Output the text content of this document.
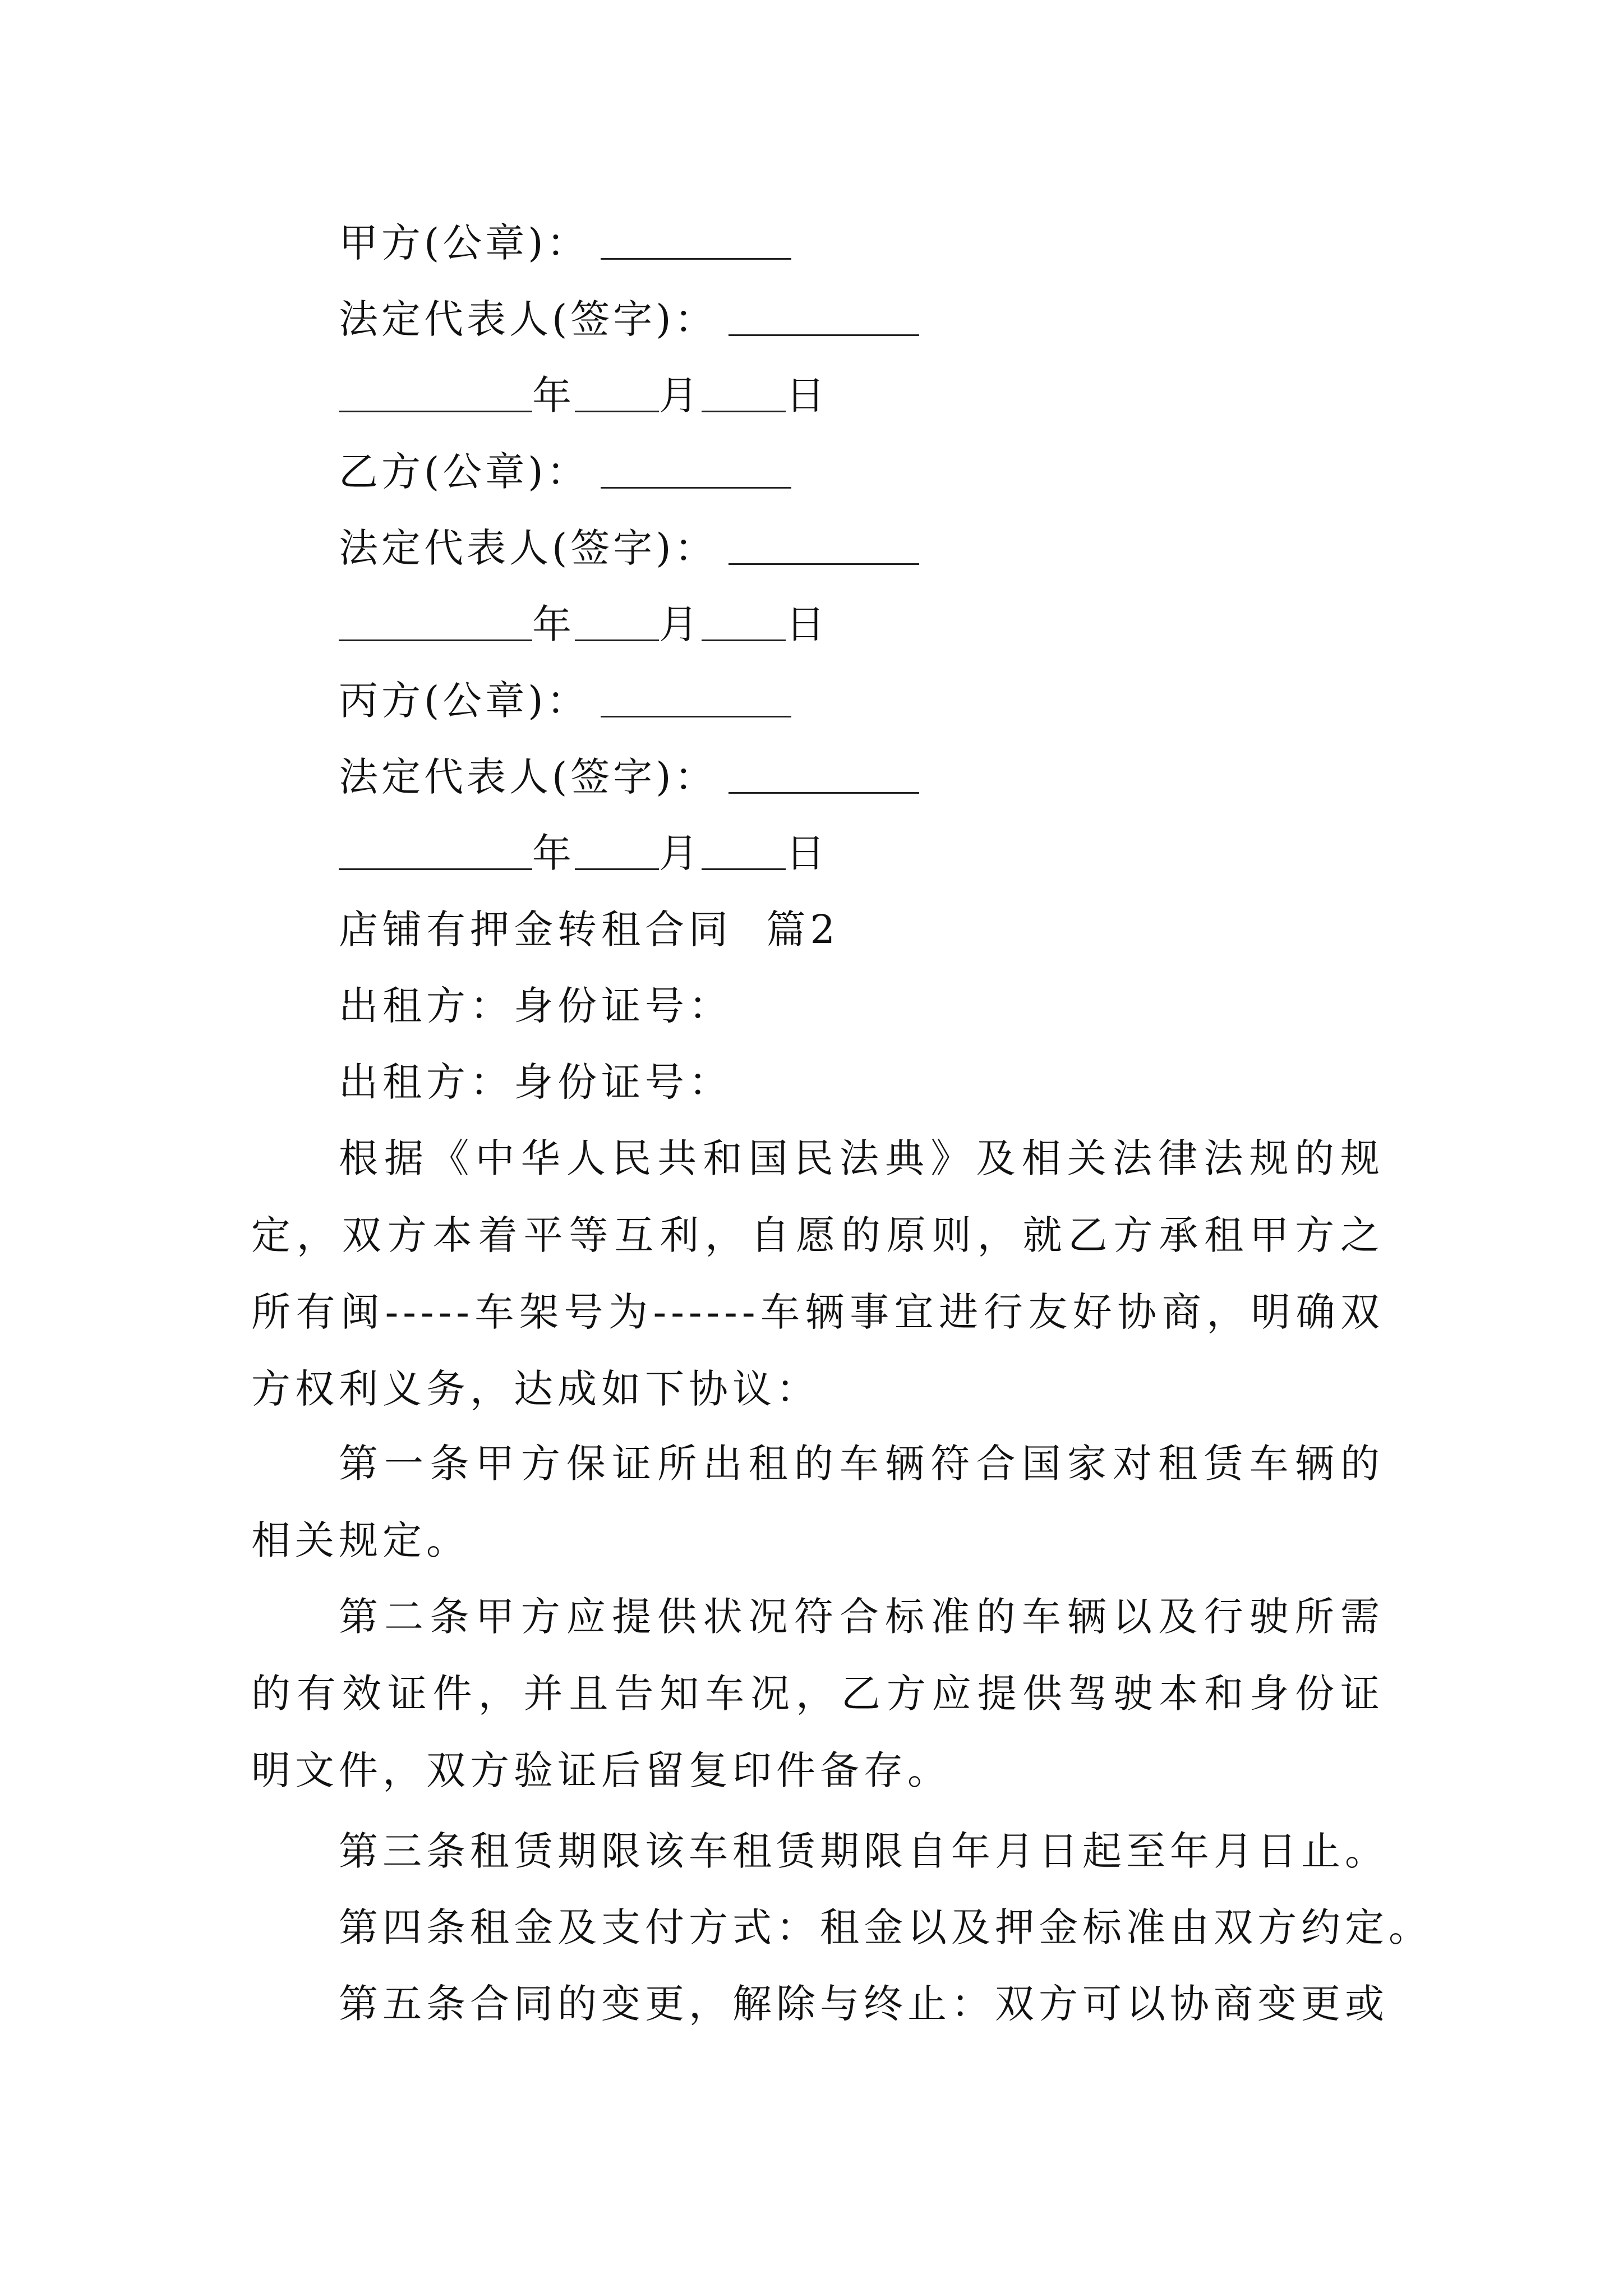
甲方(公章)：
法定代表人(签字)：
年 月 日
乙方(公章)：
法定代表人(签字)：
年 月 日
丙方(公章)：
法定代表人(签字)：
年 月 日
店铺有押金转租合同  篇2
出租方：身份证号：
出租方：身份证号：
根据《中华人民共和国民法典》及相关法律法规的规定，双方本着平等互利，自愿的原则，就乙方承租甲方之所有闽-----车架号为------车辆事宜进行友好协商，明确双方权利义务，达成如下协议：
第一条甲方保证所出租的车辆符合国家对租赁车辆的相关规定。
第二条甲方应提供状况符合标准的车辆以及行驶所需的有效证件，并且告知车况，乙方应提供驾驶本和身份证明文件，双方验证后留复印件备存。
第三条租赁期限该车租赁期限自年月日起至年月日止。
第四条租金及支付方式：租金以及押金标准由双方约定。
第五条合同的变更，解除与终止：双方可以协商变更或
